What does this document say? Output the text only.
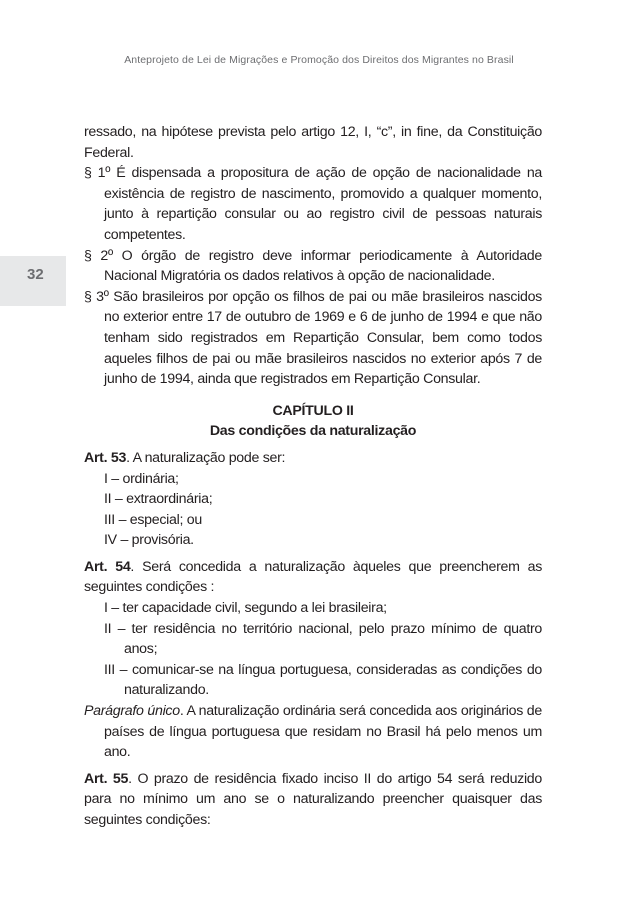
Anteprojeto de Lei de Migrações e Promoção dos Direitos dos Migrantes no Brasil
32

ressado, na hipótese prevista pelo artigo 12, I, “c”, in fine, da Constituição Federal.

§ 1º É dispensada a propositura de ação de opção de nacionalidade na existência de registro de nascimento, promovido a qualquer momento, junto à repartição consular ou ao registro civil de pessoas naturais competentes.

§ 2º O órgão de registro deve informar periodicamente à Autoridade Nacional Migratória os dados relativos à opção de nacionalidade.

§ 3º São brasileiros por opção os filhos de pai ou mãe brasileiros nascidos no exterior entre 17 de outubro de 1969 e 6 de junho de 1994 e que não tenham sido registrados em Repartição Consular, bem como todos aqueles filhos de pai ou mãe brasileiros nascidos no exterior após 7 de junho de 1994, ainda que registrados em Repartição Consular.

CAPÍTULO II

Das condições da naturalização

Art. 53. A naturalização pode ser:

I – ordinária;

II – extraordinária;

III – especial; ou

IV – provisória.

Art. 54. Será concedida a naturalização àqueles que preencherem as seguintes condições :

I – ter capacidade civil, segundo a lei brasileira;

II – ter residência no território nacional, pelo prazo mínimo de quatro anos;

III – comunicar-se na língua portuguesa, consideradas as condições do naturalizando.

Parágrafo único. A naturalização ordinária será concedida aos originários de países de língua portuguesa que residam no Brasil há pelo menos um ano.

Art. 55. O prazo de residência fixado inciso II do artigo 54 será reduzido para no mínimo um ano se o naturalizando preencher quaisquer das seguintes condições:
